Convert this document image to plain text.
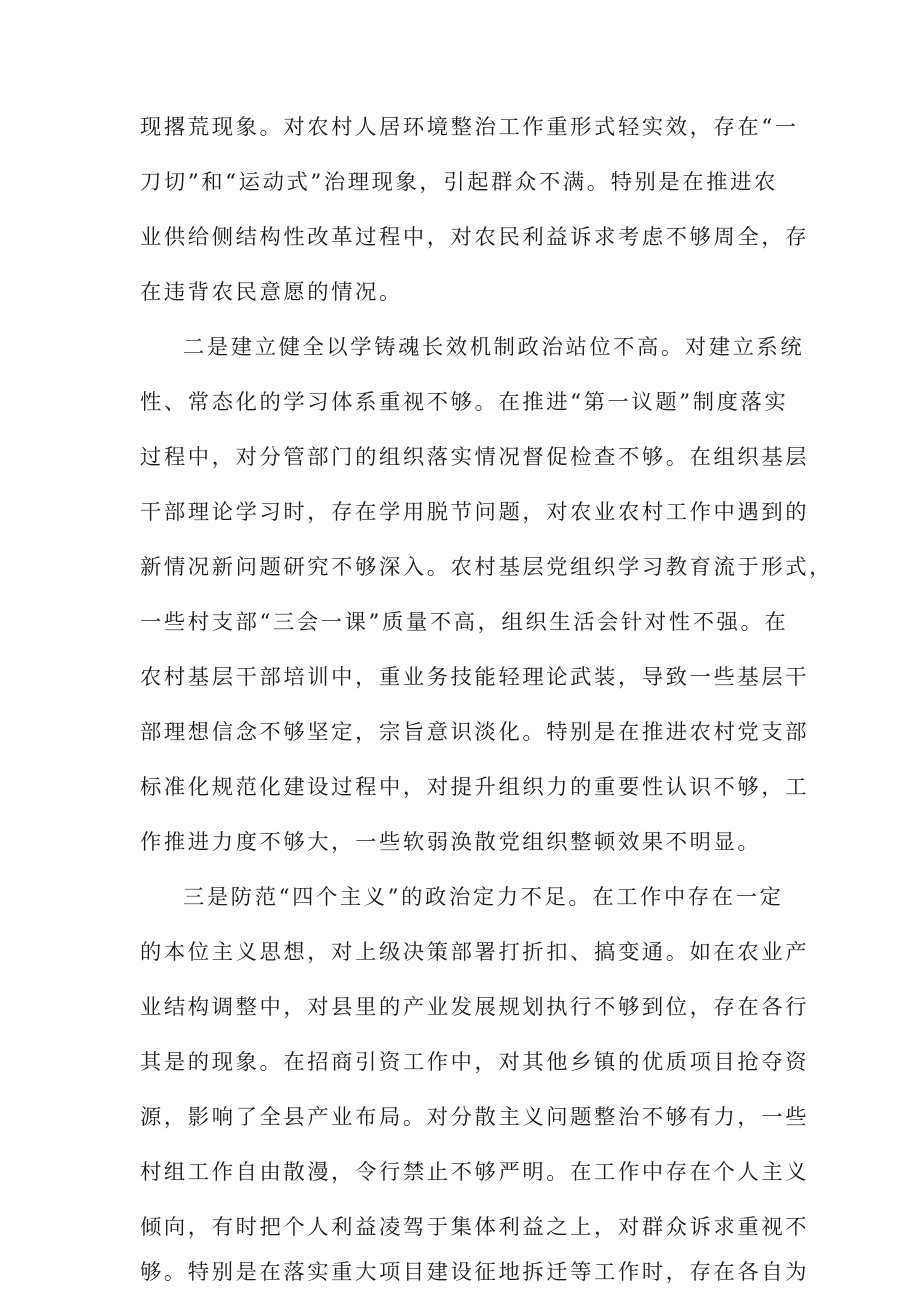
现撂荒现象。对农村人居环境整治工作重形式轻实效，存在“一
刀切”和“运动式”治理现象，引起群众不满。特别是在推进农
业供给侧结构性改革过程中，对农民利益诉求考虑不够周全，存
在违背农民意愿的情况。
二是建立健全以学铸魂长效机制政治站位不高。对建立系统
性、常态化的学习体系重视不够。在推进“第一议题”制度落实
过程中，对分管部门的组织落实情况督促检查不够。在组织基层
干部理论学习时，存在学用脱节问题，对农业农村工作中遇到的
新情况新问题研究不够深入。农村基层党组织学习教育流于形式，
一些村支部“三会一课”质量不高，组织生活会针对性不强。在
农村基层干部培训中，重业务技能轻理论武装，导致一些基层干
部理想信念不够坚定，宗旨意识淡化。特别是在推进农村党支部
标准化规范化建设过程中，对提升组织力的重要性认识不够，工
作推进力度不够大，一些软弱涣散党组织整顿效果不明显。
三是防范“四个主义”的政治定力不足。在工作中存在一定
的本位主义思想，对上级决策部署打折扣、搞变通。如在农业产
业结构调整中，对县里的产业发展规划执行不够到位，存在各行
其是的现象。在招商引资工作中，对其他乡镇的优质项目抢夺资
源，影响了全县产业布局。对分散主义问题整治不够有力，一些
村组工作自由散漫，令行禁止不够严明。在工作中存在个人主义
倾向，有时把个人利益凌驾于集体利益之上，对群众诉求重视不
够。特别是在落实重大项目建设征地拆迁等工作时，存在各自为
